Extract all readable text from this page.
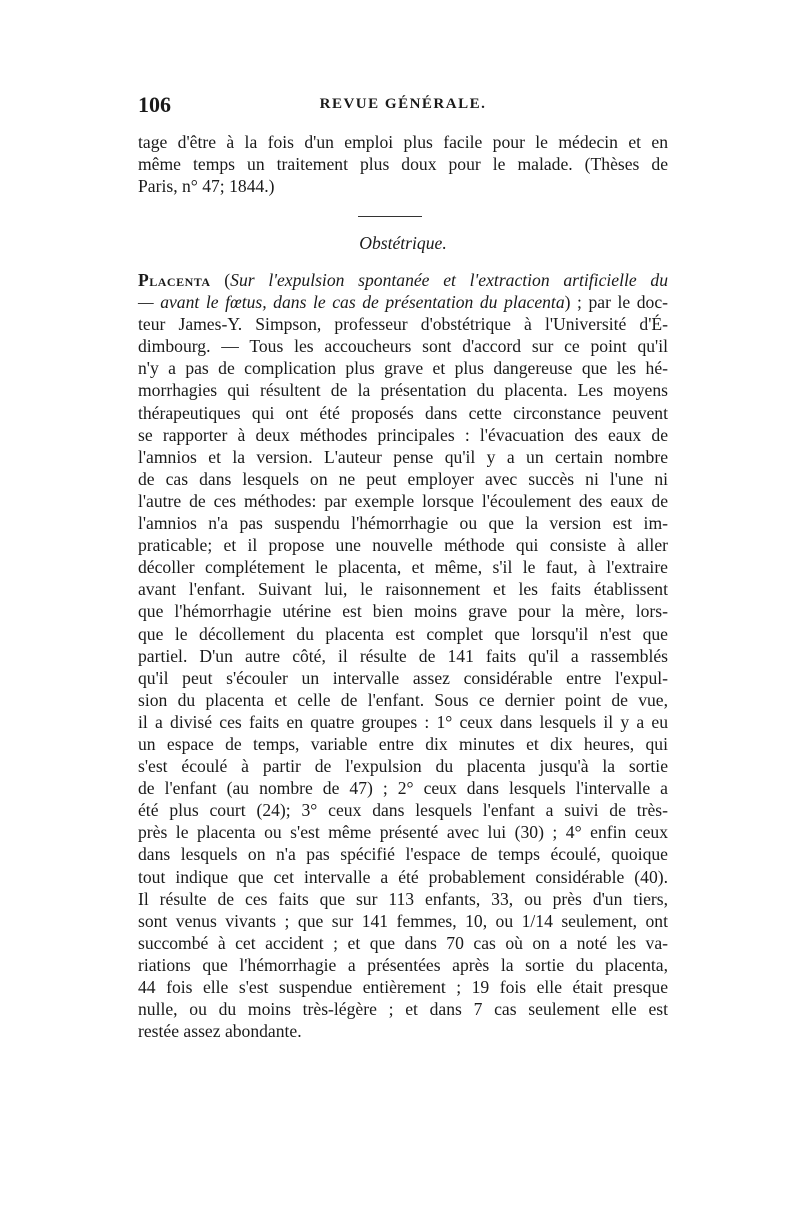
106	REVUE GÉNÉRALE.
tage d'être à la fois d'un emploi plus facile pour le médecin et en
même temps un traitement plus doux pour le malade. (Thèses de
Paris, n° 47; 1844.)
Obstétrique.
Placenta (Sur l'expulsion spontanée et l'extraction artificielle du
— avant le fœtus, dans le cas de présentation du placenta) ; par le doc-
teur James-Y. Simpson, professeur d'obstétrique à l'Université d'É-
dimbourg. — Tous les accoucheurs sont d'accord sur ce point qu'il
n'y a pas de complication plus grave et plus dangereuse que les hé-
morrhagies qui résultent de la présentation du placenta. Les moyens
thérapeutiques qui ont été proposés dans cette circonstance peuvent
se rapporter à deux méthodes principales : l'évacuation des eaux de
l'amnios et la version. L'auteur pense qu'il y a un certain nombre
de cas dans lesquels on ne peut employer avec succès ni l'une ni
l'autre de ces méthodes: par exemple lorsque l'écoulement des eaux de
l'amnios n'a pas suspendu l'hémorrhagie ou que la version est im-
praticable; et il propose une nouvelle méthode qui consiste à aller
décoller complétement le placenta, et même, s'il le faut, à l'extraire
avant l'enfant. Suivant lui, le raisonnement et les faits établissent
que l'hémorrhagie utérine est bien moins grave pour la mère, lors-
que le décollement du placenta est complet que lorsqu'il n'est que
partiel. D'un autre côté, il résulte de 141 faits qu'il a rassemblés
qu'il peut s'écouler un intervalle assez considérable entre l'expul-
sion du placenta et celle de l'enfant. Sous ce dernier point de vue,
il a divisé ces faits en quatre groupes : 1° ceux dans lesquels il y a eu
un espace de temps, variable entre dix minutes et dix heures, qui
s'est écoulé à partir de l'expulsion du placenta jusqu'à la sortie
de l'enfant (au nombre de 47) ; 2° ceux dans lesquels l'intervalle a
été plus court (24); 3° ceux dans lesquels l'enfant a suivi de très-
près le placenta ou s'est même présenté avec lui (30) ; 4° enfin ceux
dans lesquels on n'a pas spécifié l'espace de temps écoulé, quoique
tout indique que cet intervalle a été probablement considérable (40).
Il résulte de ces faits que sur 113 enfants, 33, ou près d'un tiers,
sont venus vivants ; que sur 141 femmes, 10, ou 1/14 seulement, ont
succombé à cet accident ; et que dans 70 cas où on a noté les va-
riations que l'hémorrhagie a présentées après la sortie du placenta,
44 fois elle s'est suspendue entièrement ; 19 fois elle était presque
nulle, ou du moins très-légère ; et dans 7 cas seulement elle est
restée assez abondante.
